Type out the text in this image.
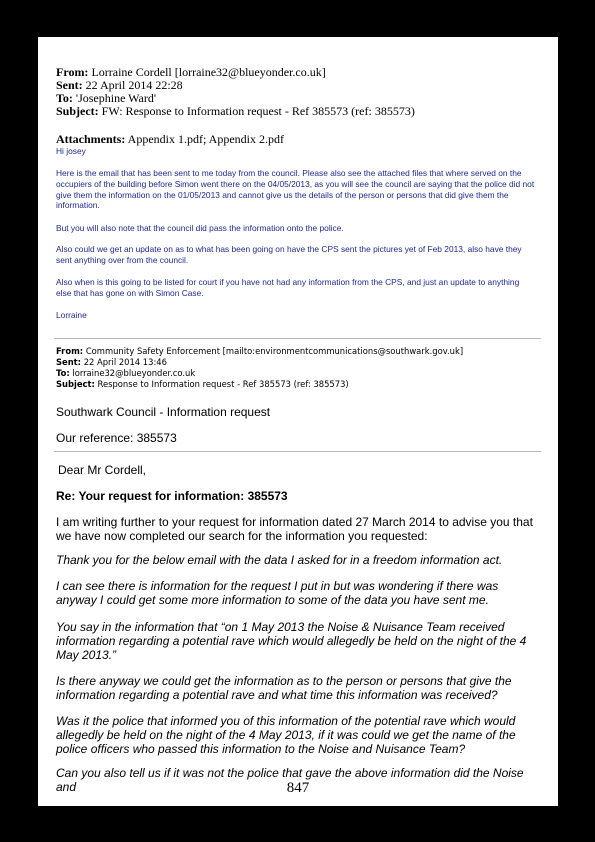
From: Lorraine Cordell [lorraine32@blueyonder.co.uk]
Sent: 22 April 2014 22:28
To: 'Josephine Ward'
Subject: FW: Response to Information request - Ref 385573 (ref: 385573)
Attachments: Appendix 1.pdf; Appendix 2.pdf
Hi josey
Here is the email that has been sent to me today from the council. Please also see the attached files that where served on the occupiers of the building before Simon went there on the 04/05/2013, as you will see the council are saying that the police did not give them the information on the 01/05/2013 and cannot give us the details of the person or persons that did give them the information.
But you will also note that the council did pass the information onto the police.
Also could we get an update on as to what has been going on have the CPS sent the pictures yet of Feb 2013, also have they sent anything over from the council.
Also when is this going to be listed for court if you have not had any information from the CPS, and just an update to anything else that has gone on with Simon Case.
Lorraine
From: Community Safety Enforcement [mailto:environmentcommunications@southwark.gov.uk]
Sent: 22 April 2014 13:46
To: lorraine32@blueyonder.co.uk
Subject: Response to Information request - Ref 385573 (ref: 385573)
Southwark Council - Information request
Our reference: 385573
Dear Mr Cordell,
Re: Your request for information: 385573
I am writing further to your request for information dated 27 March 2014 to advise you that we have now completed our search for the information you requested:
Thank you for the below email with the data I asked for in a freedom information act.
I can see there is information for the request I put in but was wondering if there was anyway I could get some more information to some of the data you have sent me.
You say in the information that “on 1 May 2013 the Noise & Nuisance Team received information regarding a potential rave which would allegedly be held on the night of the 4 May 2013.”
Is there anyway we could get the information as to the person or persons that give the information regarding a potential rave and what time this information was received?
Was it the police that informed you of this information of the potential rave which would allegedly be held on the night of the 4 May 2013, if it was could we get the name of the police officers who passed this information to the Noise and Nuisance Team?
Can you also tell us if it was not the police that gave the above information did the Noise and	847
